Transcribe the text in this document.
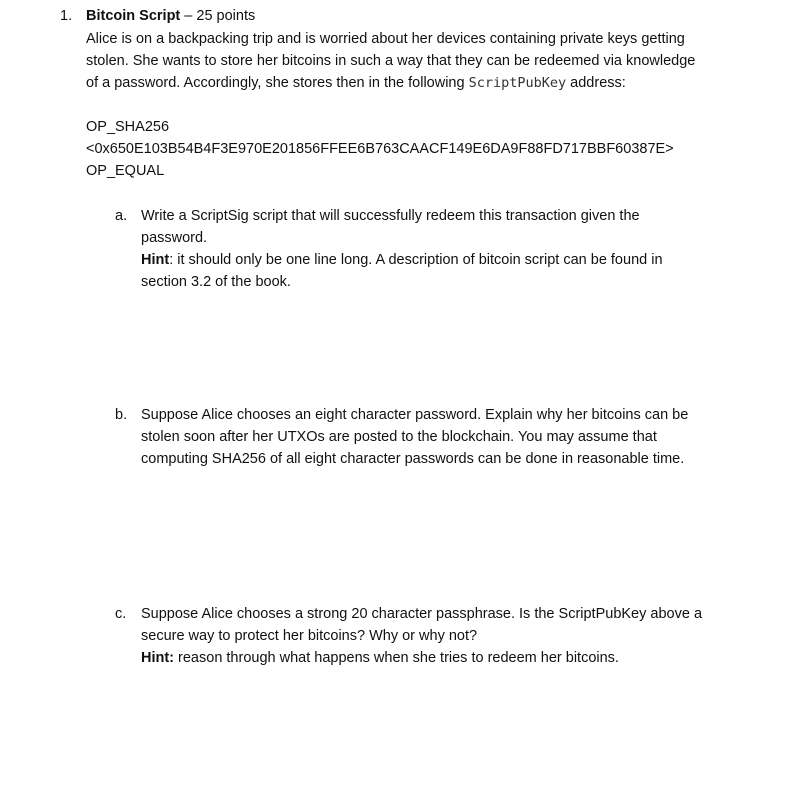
1. Bitcoin Script – 25 points
Alice is on a backpacking trip and is worried about her devices containing private keys getting
stolen. She wants to store her bitcoins in such a way that they can be redeemed via knowledge
of a password. Accordingly, she stores then in the following ScriptPubKey address:
OP_SHA256
<0x650E103B54B4F3E970E201856FFEE6B763CAACF149E6DA9F88FD717BBF60387E>
OP_EQUAL
a. Write a ScriptSig script that will successfully redeem this transaction given the
password.
Hint: it should only be one line long. A description of bitcoin script can be found in
section 3.2 of the book.
b. Suppose Alice chooses an eight character password. Explain why her bitcoins can be
stolen soon after her UTXOs are posted to the blockchain. You may assume that
computing SHA256 of all eight character passwords can be done in reasonable time.
c. Suppose Alice chooses a strong 20 character passphrase. Is the ScriptPubKey above a
secure way to protect her bitcoins? Why or why not?
Hint: reason through what happens when she tries to redeem her bitcoins.
